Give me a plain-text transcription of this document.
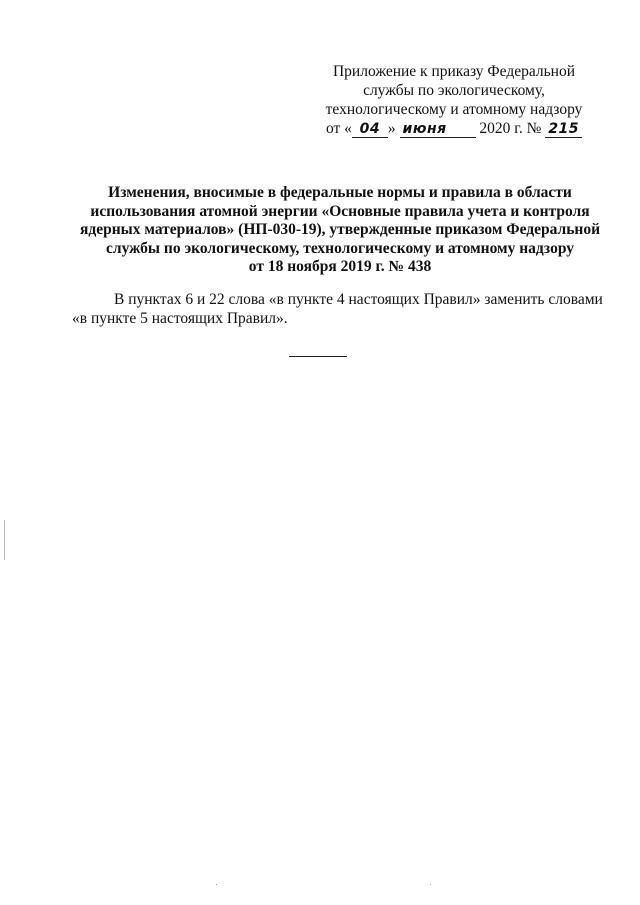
Приложение к приказу Федеральной
службы по экологическому,
технологическому и атомному надзору
от « 04 » июня 2020 г. № 215
Изменения, вносимые в федеральные нормы и правила в области
использования атомной энергии «Основные правила учета и контроля
ядерных материалов» (НП-030-19), утвержденные приказом Федеральной
службы по экологическому, технологическому и атомному надзору
от 18 ноября 2019 г. № 438
В пунктах 6 и 22 слова «в пункте 4 настоящих Правил» заменить словами
«в пункте 5 настоящих Правил».
